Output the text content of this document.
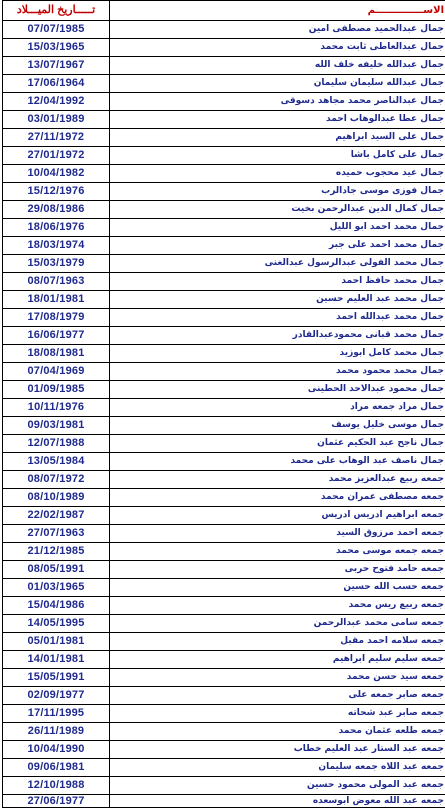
تـــــاريخ الميـــلاد	الاســــــــــــــم
07/07/1985	جمال عبدالحميد مصطفى امين
15/03/1965	جمال عبدالعاطى ثابت محمد
13/07/1967	جمال عبدالله خليفه خلف الله
17/06/1964	جمال عبدالله سليمان سليمان
12/04/1992	جمال عبدالناصر محمد مجاهد دسوقى
03/01/1989	جمال عطا عبدالوهاب احمد
27/11/1972	جمال على السيد ابراهيم
27/01/1972	جمال على كامل باشا
10/04/1982	جمال عيد محجوب حميده
15/12/1976	جمال فوزى موسى جادالرب
29/08/1986	جمال كمال الدين عبدالرحمن بخيت
18/06/1976	جمال محمد احمد ابو الليل
18/03/1974	جمال محمد احمد على جبر
15/03/1979	جمال محمد الفولى عبدالرسول عبدالغنى
08/07/1963	جمال محمد حافظ احمد
18/01/1981	جمال محمد عبد العليم حسين
17/08/1979	جمال محمد عبدالله احمد
16/06/1977	جمال محمد قبانى محمودعبدالقادر
18/08/1981	جمال محمد كامل ابوزيد
07/04/1969	جمال محمد محمود محمد
01/09/1985	جمال محمود عبدالاحد الحطينى
10/11/1976	جمال مراد جمعه مراد
09/03/1981	جمال موسى خليل يوسف
12/07/1988	جمال ناجح عبد الحكيم عثمان
13/05/1984	جمال ناصف عبد الوهاب على محمد
08/07/1972	جمعه ربيع عبدالعزيز محمد
08/10/1989	جمعه مصطفى عمران محمد
22/02/1987	جمعه ابراهيم ادريس ادريس
27/07/1963	جمعه احمد مرزوق السيد
21/12/1985	جمعه جمعه موسى محمد
08/05/1991	جمعه حامد فتوح حربى
01/03/1965	جمعه حسب الله حسين
15/04/1986	جمعه ربيع ريس محمد
14/05/1995	جمعه سامى محمد عبدالرحمن
05/01/1981	جمعه سلامه احمد مقبل
14/01/1981	جمعه سليم سليم ابراهيم
15/05/1991	جمعه سيد حسن محمد
02/09/1977	جمعه صابر جمعه على
17/11/1995	جمعه صابر عبد شحاته
26/11/1989	جمعه طلعه عثمان محمد
10/04/1990	جمعه عبد الستار عبد العليم خطاب
09/06/1981	جمعه عبد اللاه جمعه سليمان
12/10/1988	جمعه عبد المولى محمود حسين
27/06/1977	جمعه عبد الله معوض ابوسعده
